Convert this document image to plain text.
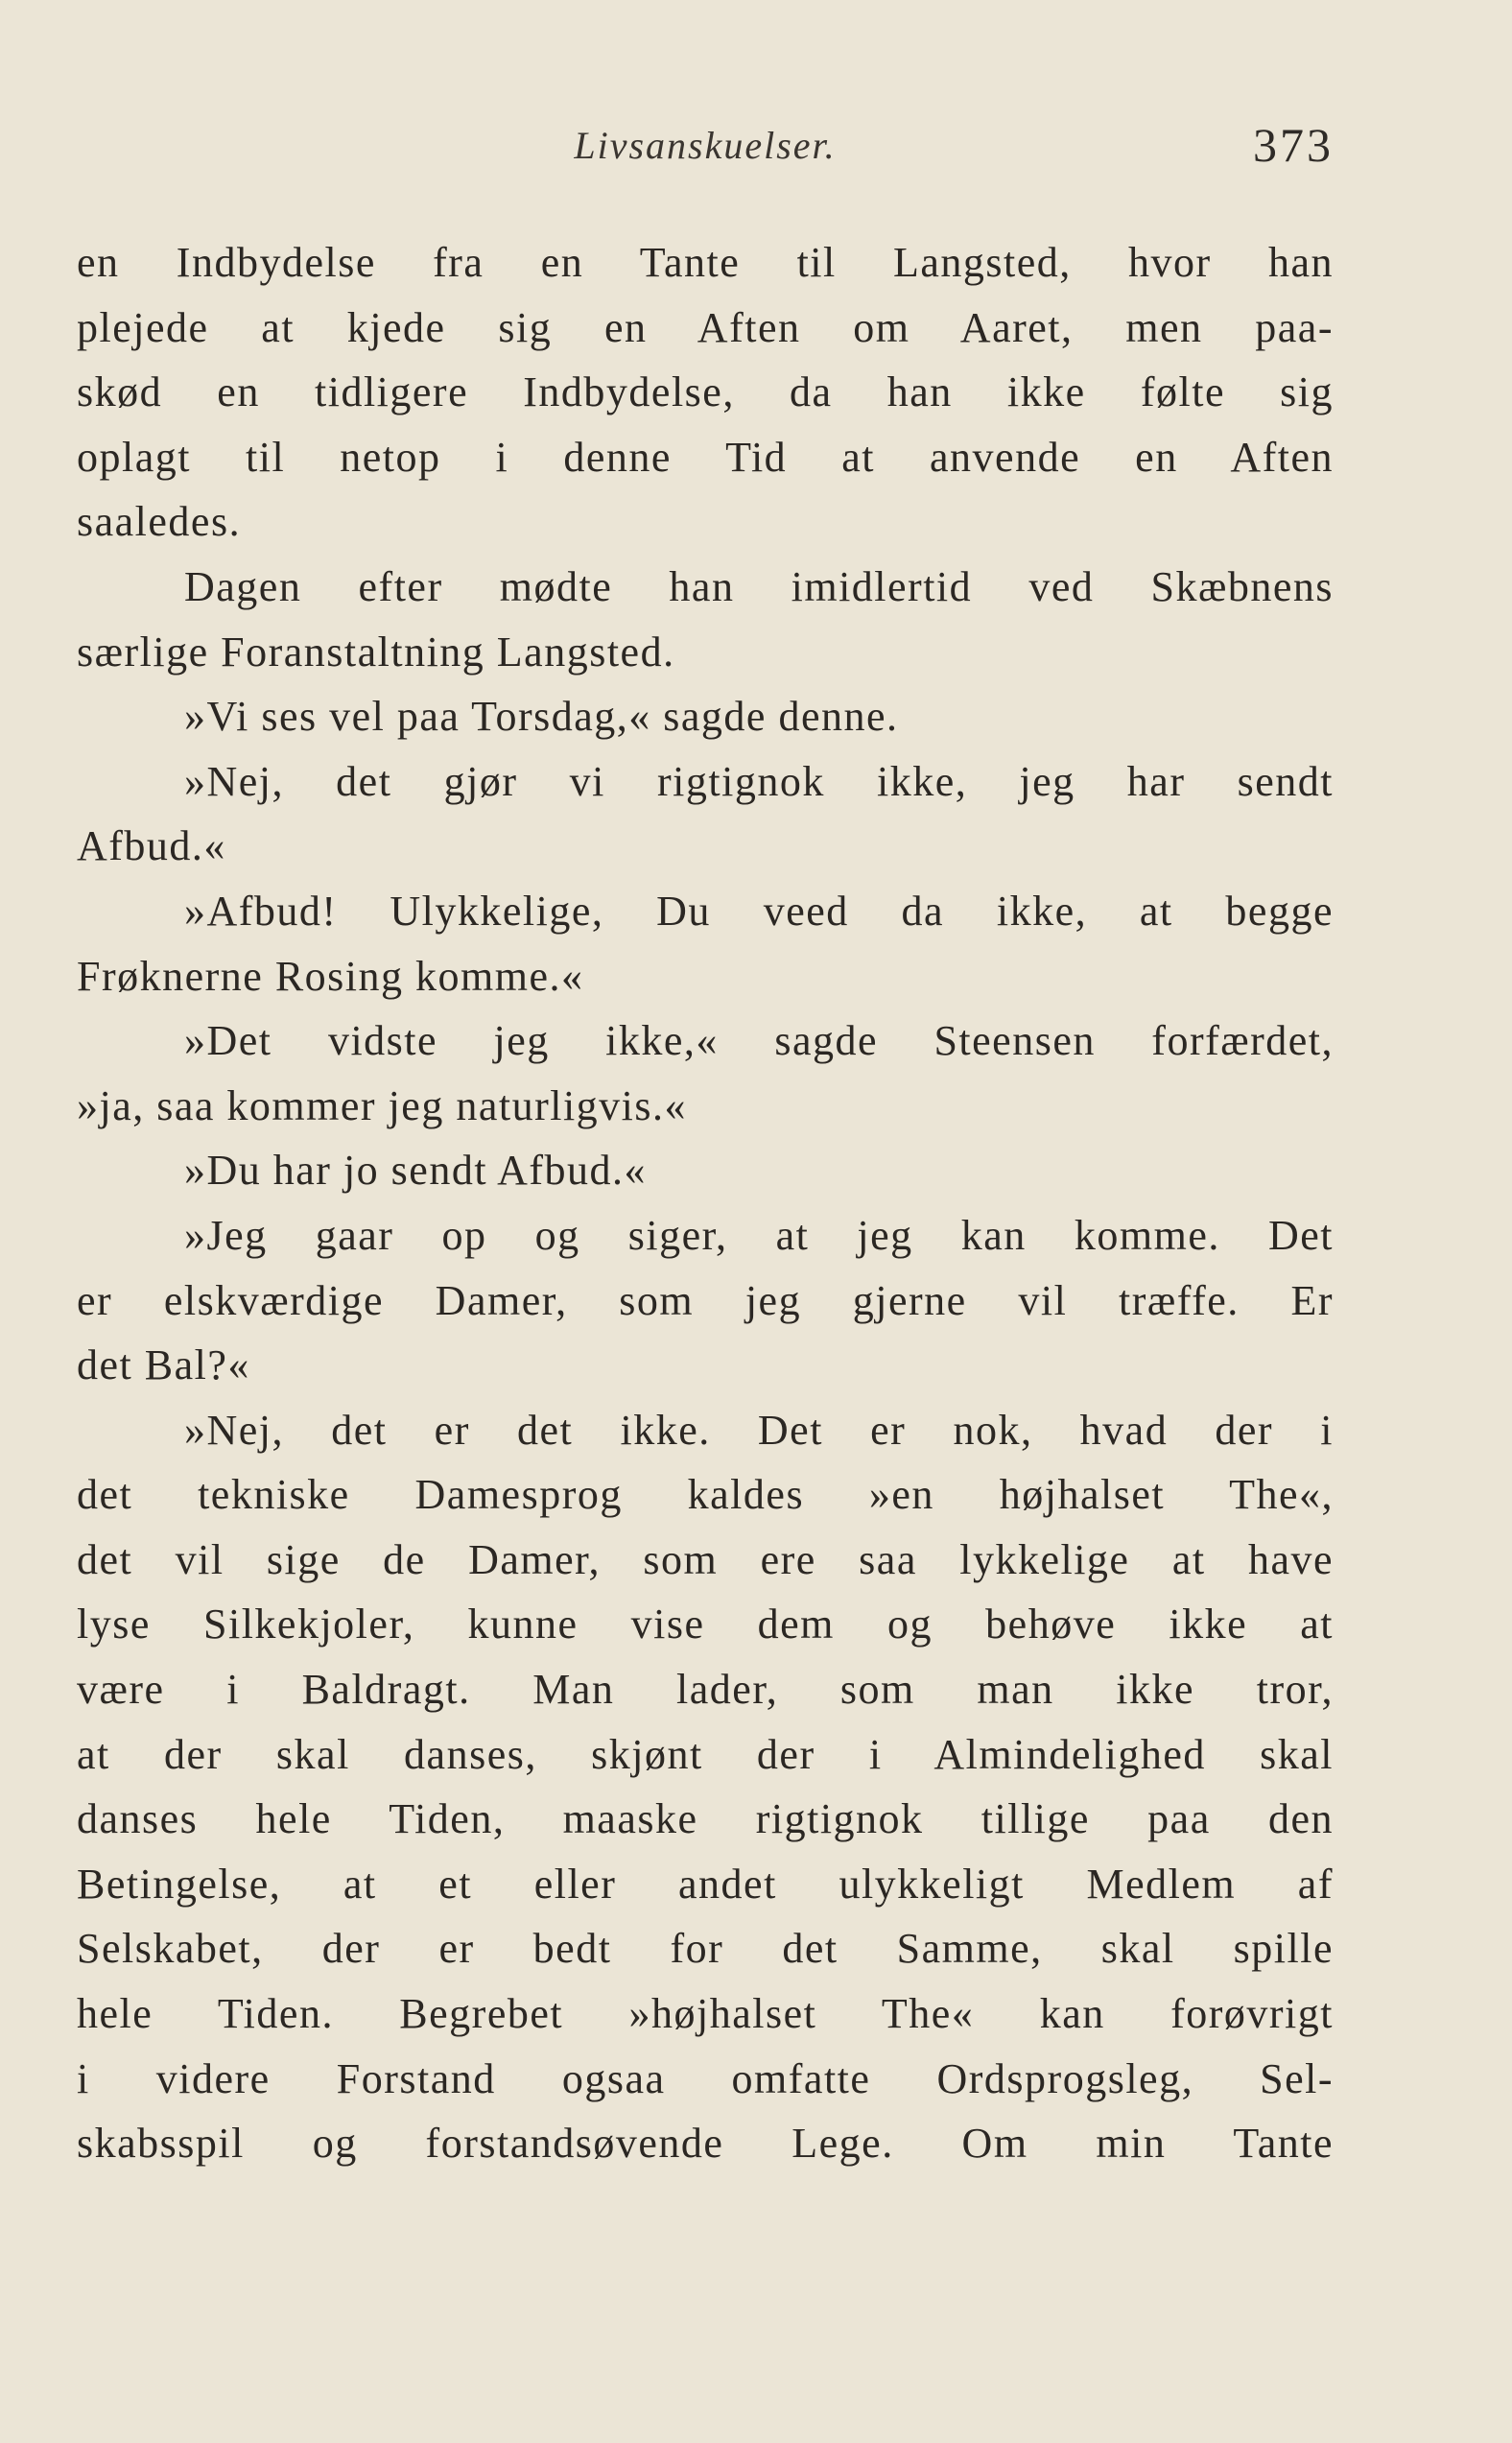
Livsanskuelser.	373
en Indbydelse fra en Tante til Langsted, hvor han
plejede at kjede sig en Aften om Aaret, men paa-
skød en tidligere Indbydelse, da han ikke følte sig
oplagt til netop i denne Tid at anvende en Aften
saaledes.
Dagen efter mødte han imidlertid ved Skæbnens
særlige Foranstaltning Langsted.
»Vi ses vel paa Torsdag,« sagde denne.
»Nej, det gjør vi rigtignok ikke, jeg har sendt
Afbud.«
»Afbud! Ulykkelige, Du veed da ikke, at begge
Frøknerne Rosing komme.«
»Det vidste jeg ikke,« sagde Steensen forfærdet,
»ja, saa kommer jeg naturligvis.«
»Du har jo sendt Afbud.«
»Jeg gaar op og siger, at jeg kan komme. Det
er elskværdige Damer, som jeg gjerne vil træffe. Er
det Bal?«
»Nej, det er det ikke. Det er nok, hvad der i
det tekniske Damesprog kaldes »en højhalset The«,
det vil sige de Damer, som ere saa lykkelige at have
lyse Silkekjoler, kunne vise dem og behøve ikke at
være i Baldragt. Man lader, som man ikke tror,
at der skal danses, skjønt der i Almindelighed skal
danses hele Tiden, maaske rigtignok tillige paa den
Betingelse, at et eller andet ulykkeligt Medlem af
Selskabet, der er bedt for det Samme, skal spille
hele Tiden. Begrebet »højhalset The« kan forøvrigt
i videre Forstand ogsaa omfatte Ordsprogsleg, Sel-
skabsspil og forstandsøvende Lege. Om min Tante
